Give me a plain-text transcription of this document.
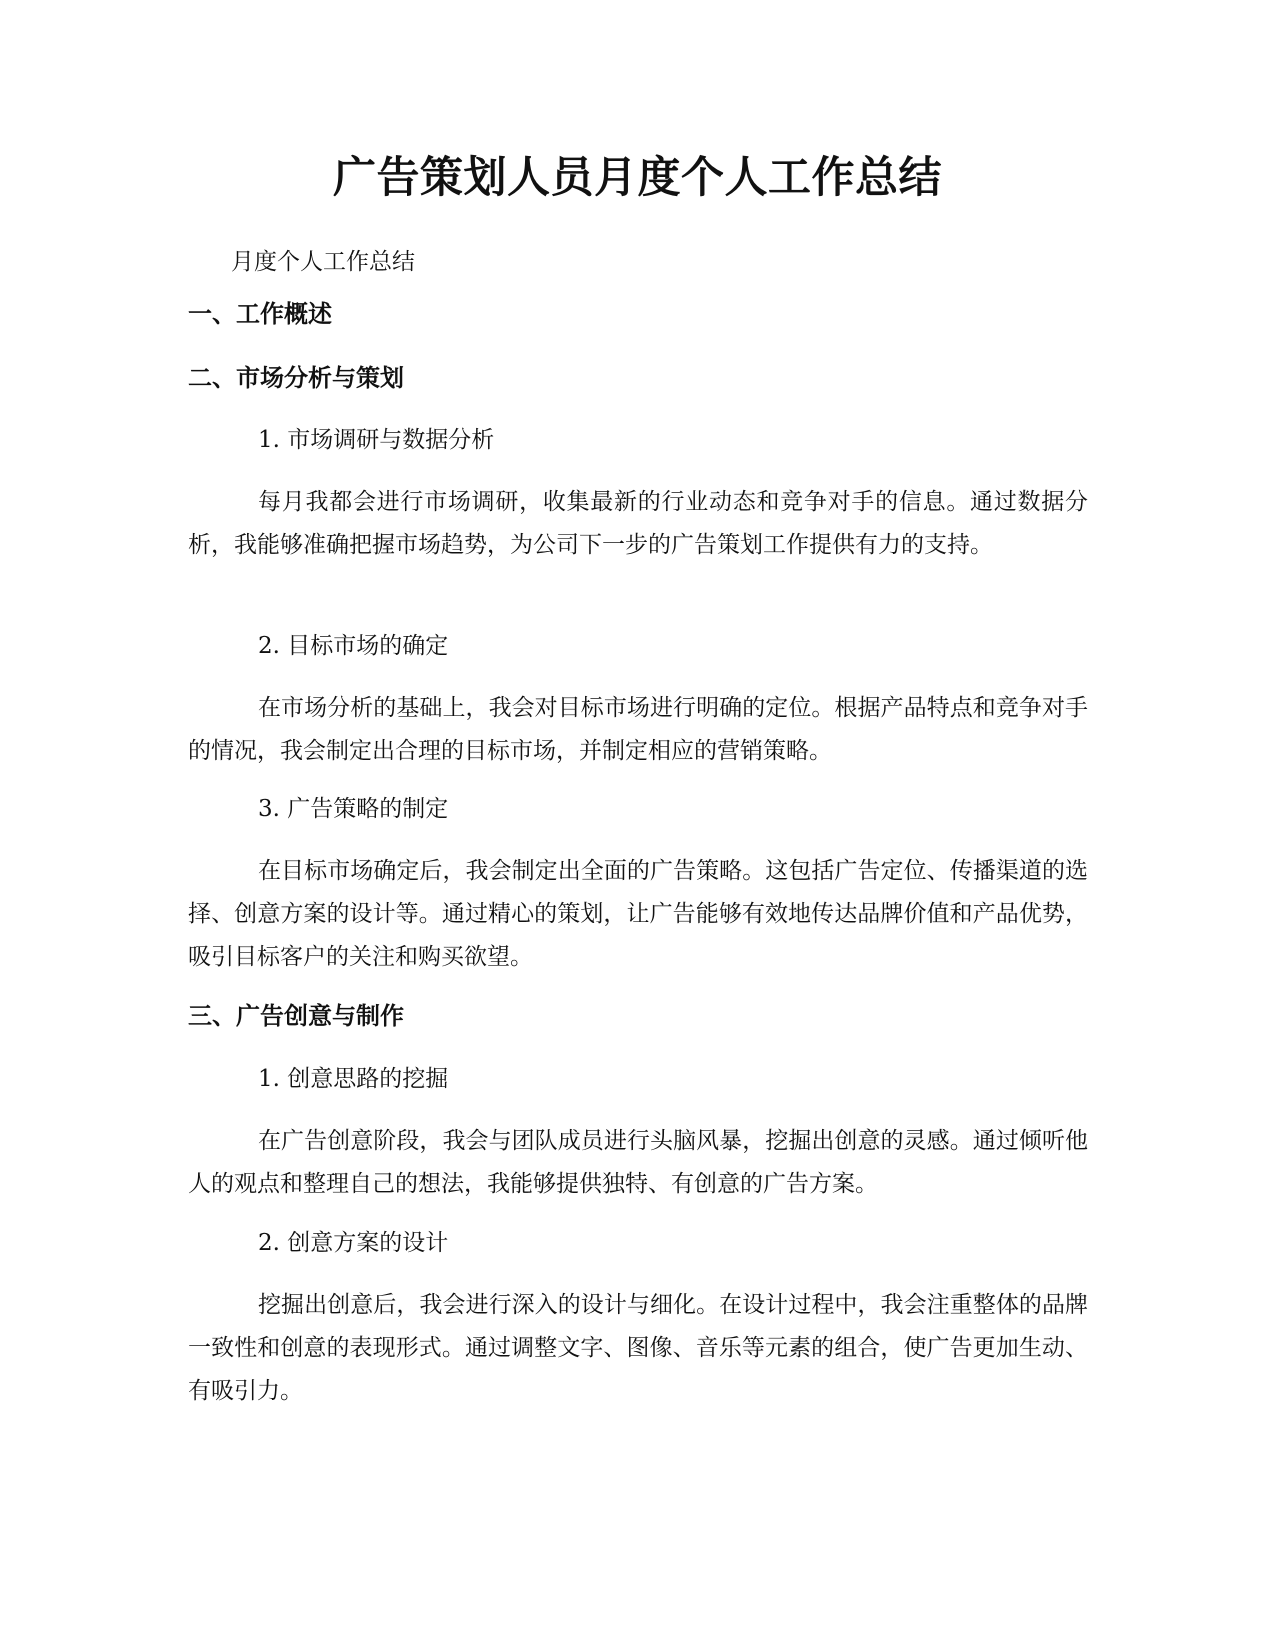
广告策划人员月度个人工作总结

月度个人工作总结

一、工作概述
二、市场分析与策划

1. 市场调研与数据分析

每月我都会进行市场调研，收集最新的行业动态和竞争对手的信息。通过数据分析，我能够准确把握市场趋势，为公司下一步的广告策划工作提供有力的支持。

2. 目标市场的确定

在市场分析的基础上，我会对目标市场进行明确的定位。根据产品特点和竞争对手的情况，我会制定出合理的目标市场，并制定相应的营销策略。

3. 广告策略的制定

在目标市场确定后，我会制定出全面的广告策略。这包括广告定位、传播渠道的选择、创意方案的设计等。通过精心的策划，让广告能够有效地传达品牌价值和产品优势，吸引目标客户的关注和购买欲望。

三、广告创意与制作

1. 创意思路的挖掘

在广告创意阶段，我会与团队成员进行头脑风暴，挖掘出创意的灵感。通过倾听他人的观点和整理自己的想法，我能够提供独特、有创意的广告方案。

2. 创意方案的设计

挖掘出创意后，我会进行深入的设计与细化。在设计过程中，我会注重整体的品牌一致性和创意的表现形式。通过调整文字、图像、音乐等元素的组合，使广告更加生动、有吸引力。
